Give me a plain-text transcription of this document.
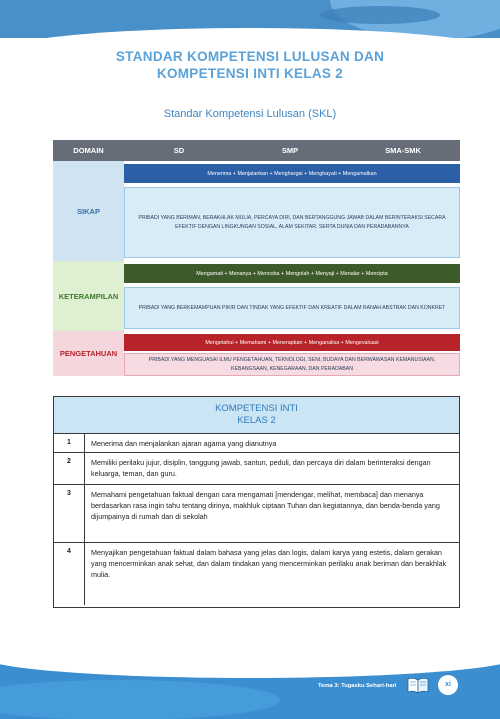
STANDAR KOMPETENSI LULUSAN DAN
KOMPETENSI INTI KELAS 2
Standar Kompetensi Lulusan (SKL)
DOMAIN	SD	SMP	SMA-SMK
SIKAP
Menerima + Menjalankan + Menghargai + Menghayati + Mengamalkan
PRIBADI YANG BERIMAN, BERAKHLAK MULIA, PERCAYA DIRI, DAN BERTANGGUNG JAWAB DALAM BERINTERAKSI SECARA EFEKTIF DENGAN LINGKUNGAN SOSIAL, ALAM SEKITAR, SERTA DUNIA DAN PERADABANNYA
KETERAMPILAN
Mengamati + Menanya + Mencoba + Mengolah + Menyaji + Menalar + Mencipta
PRIBADI YANG BERKEMAMPUAN PIKIR DAN TINDAK YANG EFEKTIF DAN KREATIF DALAM RANAH ABSTRAK DAN KONKRET
PENGETAHUAN
Mengetahui + Memahami + Menerapkan + Menganalisa + Mengevaluasi
PRIBADI YANG MENGUASAI ILMU PENGETAHUAN, TEKNOLOGI, SENI, BUDAYA DAN BERWAWASAN KEMANUSIAAN, KEBANGSAAN, KENEGARAAN, DAN PERADABAN
KOMPETENSI INTI
KELAS 2
1	Menerima dan menjalankan ajaran agama yang dianutnya
2	Memiliki perilaku jujur, disiplin, tanggung jawab, santun, peduli, dan percaya diri dalam berinteraksi dengan keluarga, teman, dan guru.
3	Memahami pengetahuan faktual dengan cara mengamati [mendengar, melihat, membaca] dan menanya berdasarkan rasa ingin tahu tentang dirinya, makhluk ciptaan Tuhan dan kegiatannya, dan benda-benda yang dijumpainya di rumah dan di sekolah
4	Menyajikan pengetahuan faktual dalam bahasa yang jelas dan logis, dalam karya yang estetis, dalam gerakan yang mencerminkan anak sehat, dan dalam tindakan yang mencerminkan perilaku anak beriman dan berakhlak mulia.
Tema 3: Tugasku Sehari-hari	xi
